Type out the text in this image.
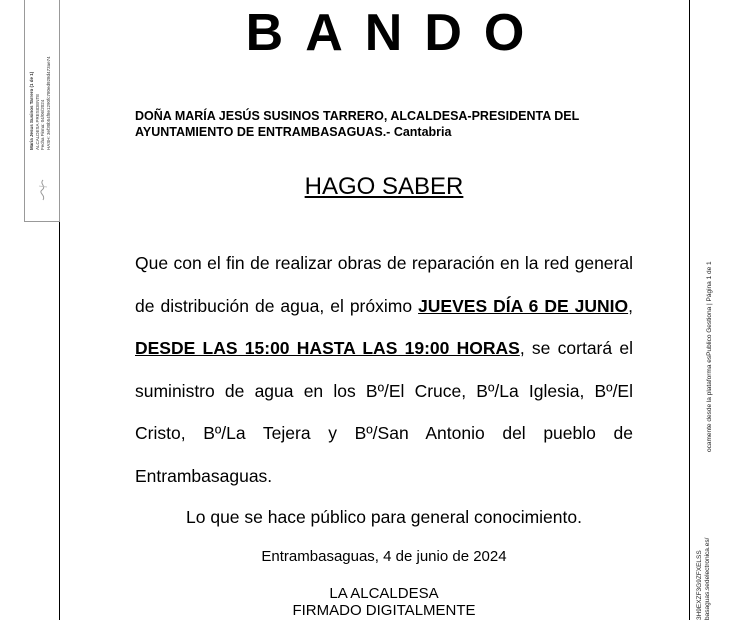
Maria Jesus Susinos Tarrero (1 de 1) ALCALDESA PRESIDENTE Fecha Firma: 04/06/2024 HASH: 3ef30b54f8e1290fc780ed928d473ae74
3H9EXZF3G9ZFXELSS basaguas.sedelectronica.es/
ocamente desde la plataforma esPublico Gestiona | Página 1 de 1
BANDO
DOÑA MARÍA JESÚS SUSINOS TARRERO, ALCALDESA-PRESIDENTA DEL
AYUNTAMIENTO DE ENTRAMBASAGUAS.- Cantabria
HAGO SABER
Que con el fin de realizar obras de reparación en la red general de distribución de agua, el próximo JUEVES DÍA 6 DE JUNIO, DESDE LAS 15:00 HASTA LAS 19:00 HORAS, se cortará el suministro de agua en los Bº/El Cruce, Bº/La Iglesia, Bº/El Cristo, Bº/La Tejera y Bº/San Antonio del pueblo de Entrambasaguas.
Lo que se hace público para general conocimiento.
Entrambasaguas, 4 de junio de 2024
LA ALCALDESA
FIRMADO DIGITALMENTE
